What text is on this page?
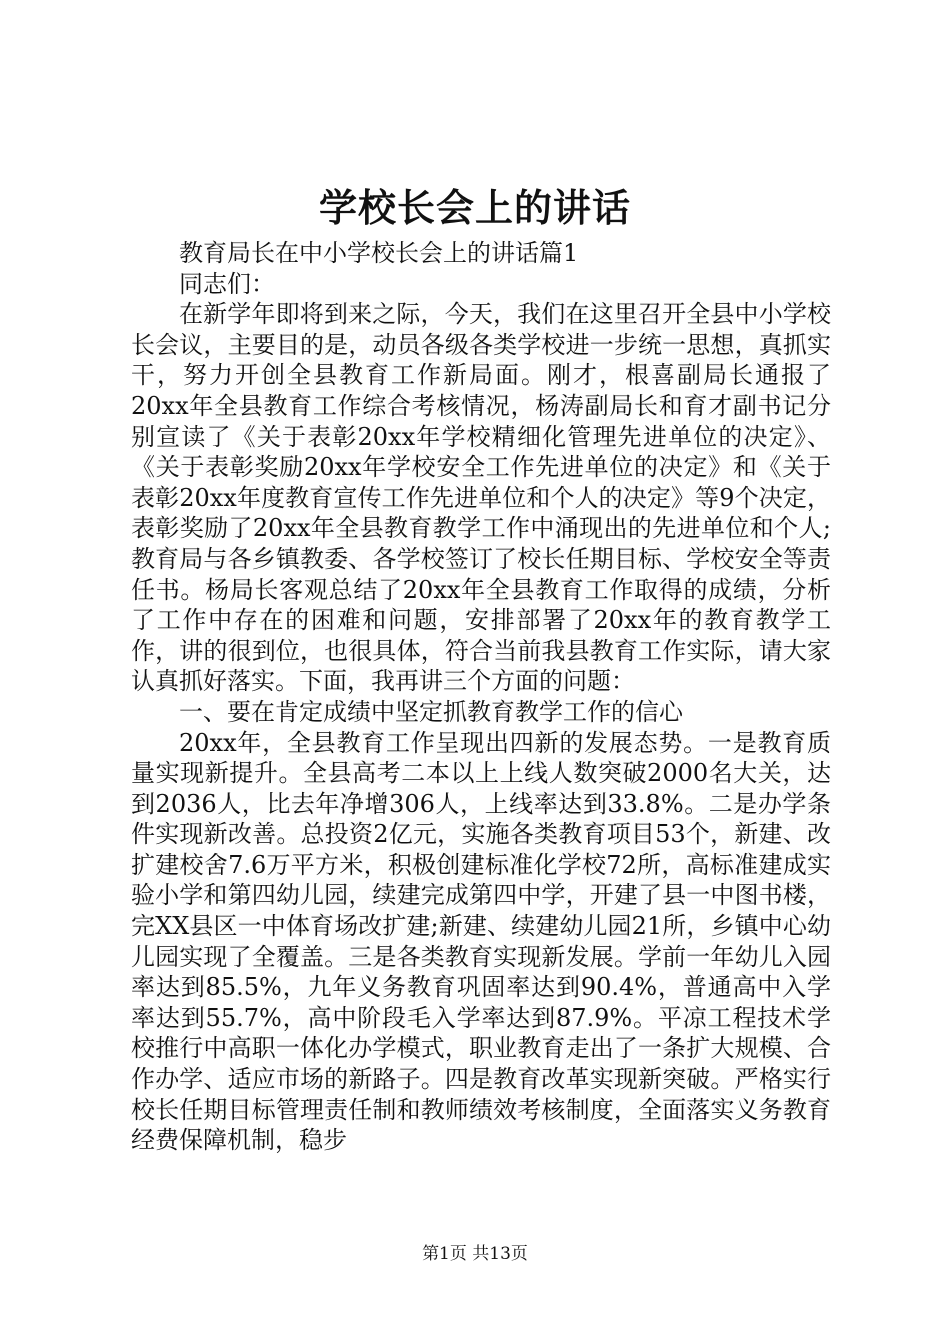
学校长会上的讲话

教育局长在中小学校长会上的讲话篇1

同志们：

在新学年即将到来之际，今天，我们在这里召开全县中小学校长会议，主要目的是，动员各级各类学校进一步统一思想，真抓实干，努力开创全县教育工作新局面。刚才，根喜副局长通报了20xx年全县教育工作综合考核情况，杨涛副局长和育才副书记分别宣读了《关于表彰20xx年学校精细化管理先进单位的决定》、《关于表彰奖励20xx年学校安全工作先进单位的决定》和《关于表彰20xx年度教育宣传工作先进单位和个人的决定》等9个决定，表彰奖励了20xx年全县教育教学工作中涌现出的先进单位和个人;教育局与各乡镇教委、各学校签订了校长任期目标、学校安全等责任书。杨局长客观总结了20xx年全县教育工作取得的成绩，分析了工作中存在的困难和问题，安排部署了20xx年的教育教学工作，讲的很到位，也很具体，符合当前我县教育工作实际，请大家认真抓好落实。下面，我再讲三个方面的问题：

一、要在肯定成绩中坚定抓教育教学工作的信心

20xx年，全县教育工作呈现出四新的发展态势。一是教育质量实现新提升。全县高考二本以上上线人数突破2000名大关，达到2036人，比去年净增306人，上线率达到33.8%。二是办学条件实现新改善。总投资2亿元，实施各类教育项目53个，新建、改扩建校舍7.6万平方米，积极创建标准化学校72所，高标准建成实验小学和第四幼儿园，续建完成第四中学，开建了县一中图书楼，完XX县区一中体育场改扩建;新建、续建幼儿园21所，乡镇中心幼儿园实现了全覆盖。三是各类教育实现新发展。学前一年幼儿入园率达到85.5%，九年义务教育巩固率达到90.4%，普通高中入学率达到55.7%，高中阶段毛入学率达到87.9%。平凉工程技术学校推行中高职一体化办学模式，职业教育走出了一条扩大规模、合作办学、适应市场的新路子。四是教育改革实现新突破。严格实行校长任期目标管理责任制和教师绩效考核制度，全面落实义务教育经费保障机制，稳步

第1页 共13页
